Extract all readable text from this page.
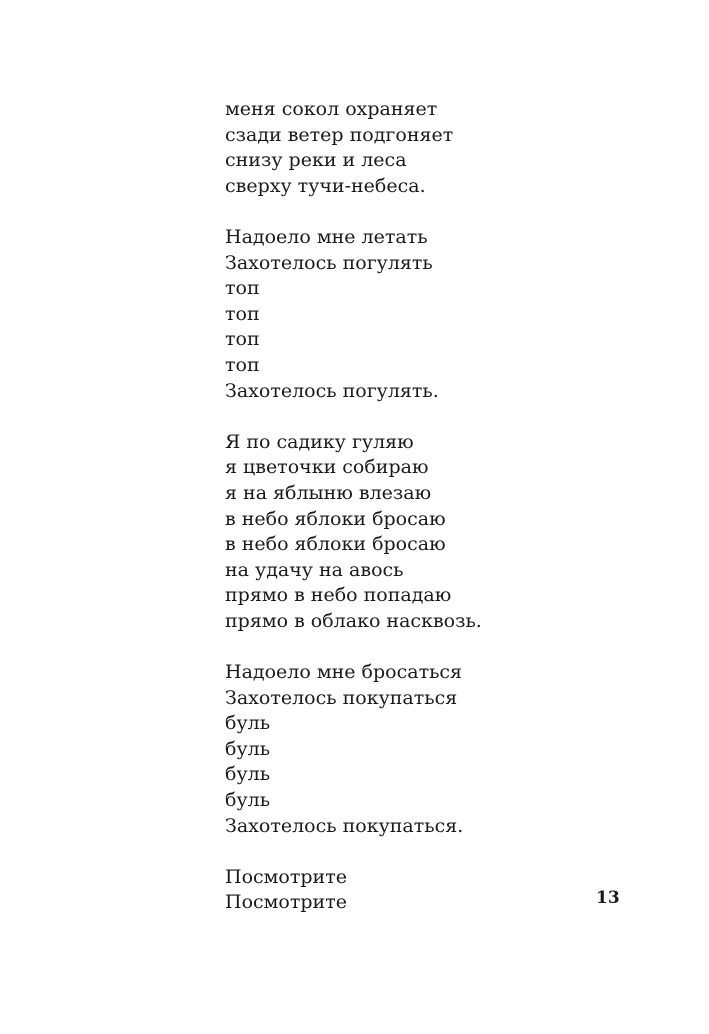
меня сокол охраняет
сзади ветер подгоняет
снизу реки и леса
сверху тучи-небеса.
Надоело мне летать
Захотелось погулять
топ
топ
топ
топ
Захотелось погулять.
Я по садику гуляю
я цветочки собираю
я на яблыню влезаю
в небо яблоки бросаю
в небо яблоки бросаю
на удачу на авось
прямо в небо попадаю
прямо в облако насквозь.
Надоело мне бросаться
Захотелось покупаться
буль
буль
буль
буль
Захотелось покупаться.
Посмотрите
Посмотрите	13
